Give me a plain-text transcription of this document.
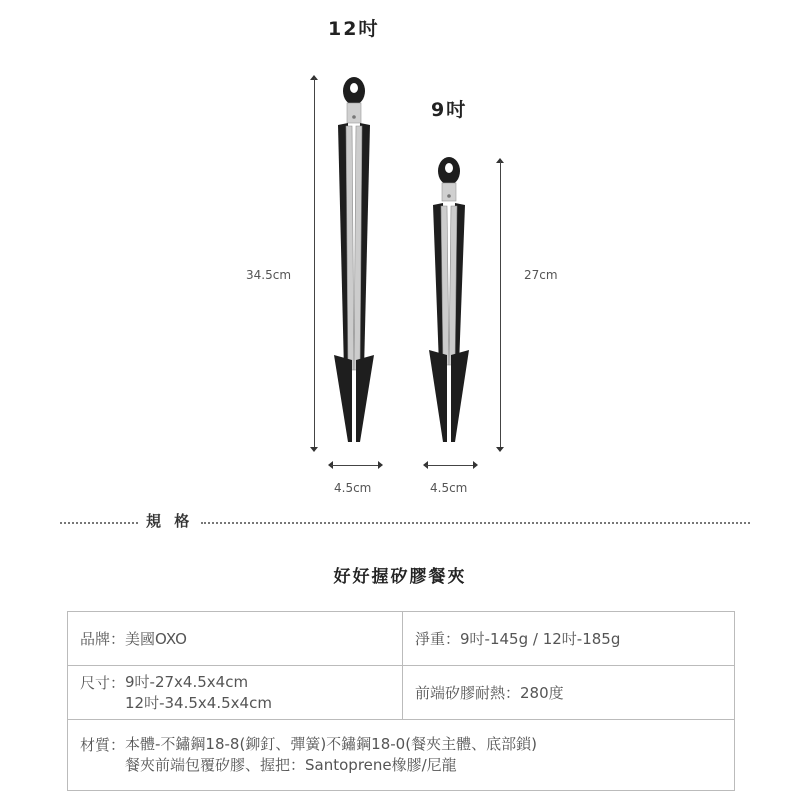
12吋
9吋
34.5cm	27cm
4.5cm	4.5cm
規 格
好好握矽膠餐夾
品牌：美國OXO	淨重：9吋-145g / 12吋-185g

尺寸： 9吋-27x4.5x4cm
12吋-34.5x4.5x4cm	前端矽膠耐熱：280度

材質： 本體-不鏽鋼18-8(鉚釘、彈簧)不鏽鋼18-0(餐夾主體、底部鎖)
餐夾前端包覆矽膠、握把：Santoprene橡膠/尼龍	
